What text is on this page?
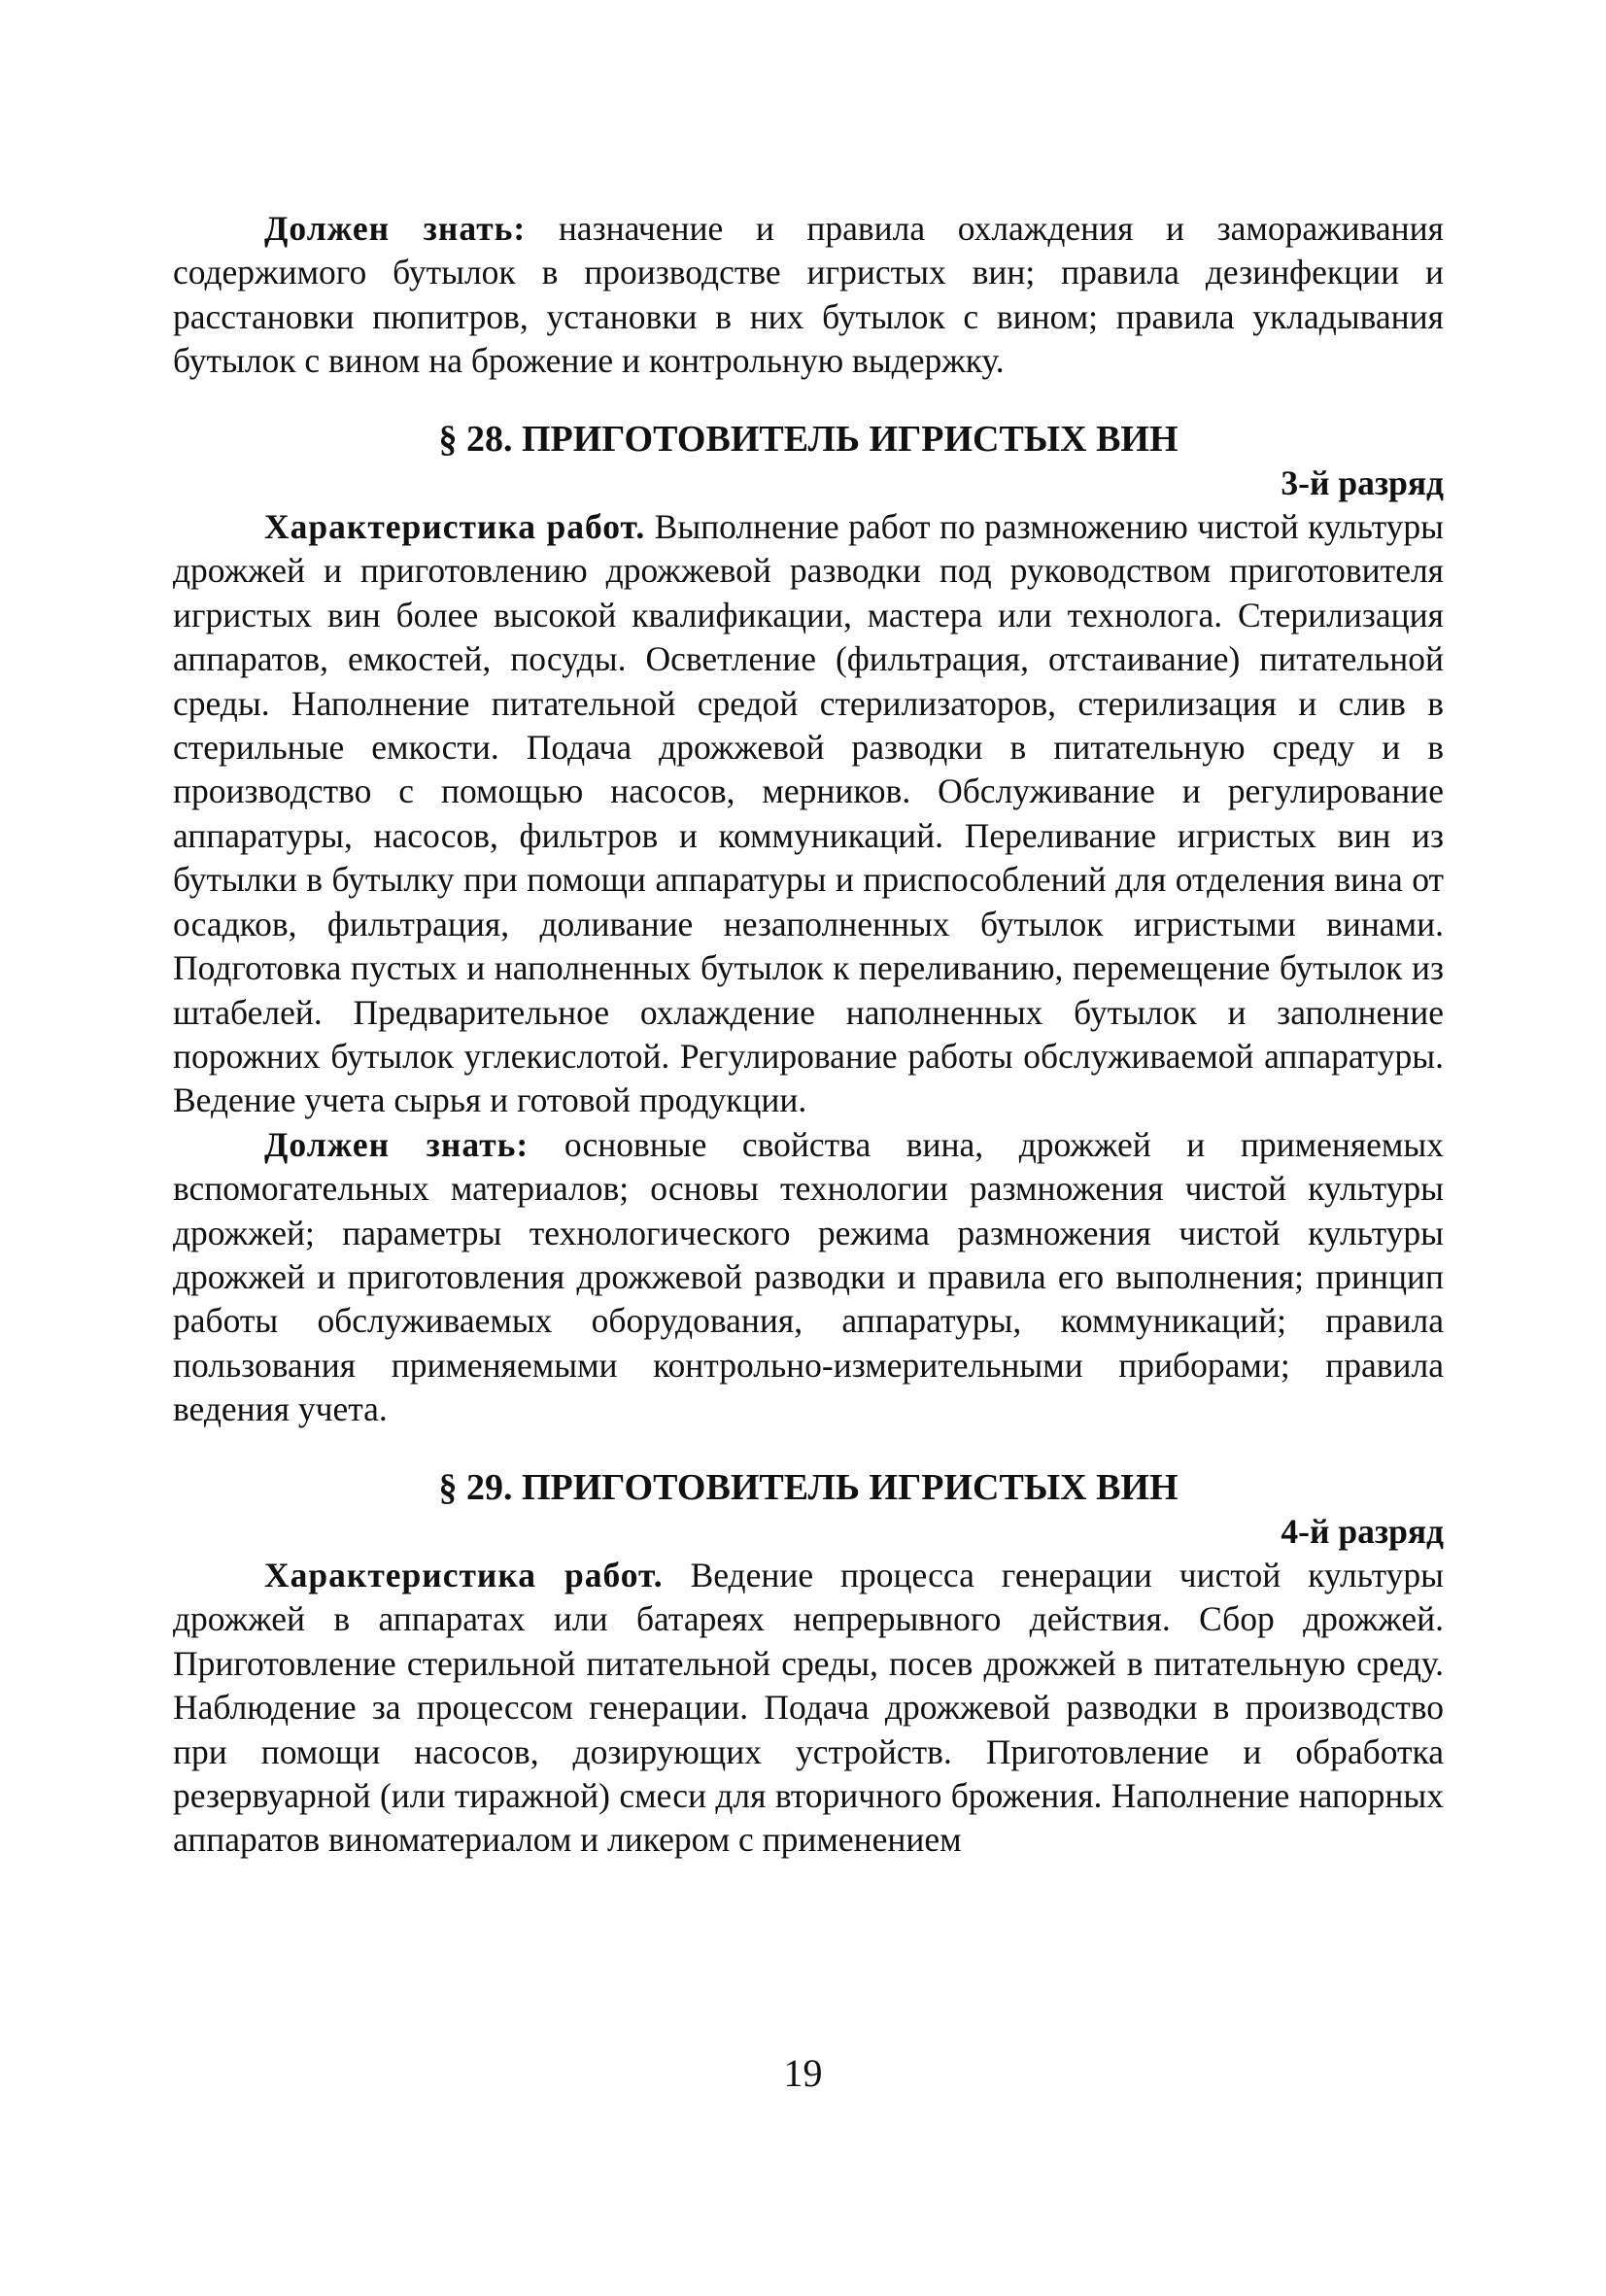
Должен знать: назначение и правила охлаждения и замораживания содержимого бутылок в производстве игристых вин; правила дезинфекции и расстановки пюпитров, установки в них бутылок с вином; правила укладывания бутылок с вином на брожение и контрольную выдержку.

§ 28. ПРИГОТОВИТЕЛЬ ИГРИСТЫХ ВИН
3-й разряд

Характеристика работ. Выполнение работ по размножению чистой культуры дрожжей и приготовлению дрожжевой разводки под руководством приготовителя игристых вин более высокой квалификации, мастера или технолога. Стерилизация аппаратов, емкостей, посуды. Осветление (фильтрация, отстаивание) питательной среды. Наполнение питательной средой стерилизаторов, стерилизация и слив в стерильные емкости. Подача дрожжевой разводки в питательную среду и в производство с помощью насосов, мерников. Обслуживание и регулирование аппаратуры, насосов, фильтров и коммуникаций. Переливание игристых вин из бутылки в бутылку при помощи аппаратуры и приспособлений для отделения вина от осадков, фильтрация, доливание незаполненных бутылок игристыми винами. Подготовка пустых и наполненных бутылок к переливанию, перемещение бутылок из штабелей. Предварительное охлаждение наполненных бутылок и заполнение порожних бутылок углекислотой. Регулирование работы обслуживаемой аппаратуры. Ведение учета сырья и готовой продукции.

Должен знать: основные свойства вина, дрожжей и применяемых вспомогательных материалов; основы технологии размножения чистой культуры дрожжей; параметры технологического режима размножения чистой культуры дрожжей и приготовления дрожжевой разводки и правила его выполнения; принцип работы обслуживаемых оборудования, аппаратуры, коммуникаций; правила пользования применяемыми контрольно-измерительными приборами; правила ведения учета.

§ 29. ПРИГОТОВИТЕЛЬ ИГРИСТЫХ ВИН
4-й разряд

Характеристика работ. Ведение процесса генерации чистой культуры дрожжей в аппаратах или батареях непрерывного действия. Сбор дрожжей. Приготовление стерильной питательной среды, посев дрожжей в питательную среду. Наблюдение за процессом генерации. Подача дрожжевой разводки в производство при помощи насосов, дозирующих устройств. Приготовление и обработка резервуарной (или тиражной) смеси для вторичного брожения. Наполнение напорных аппаратов виноматериалом и ликером с применением

19
